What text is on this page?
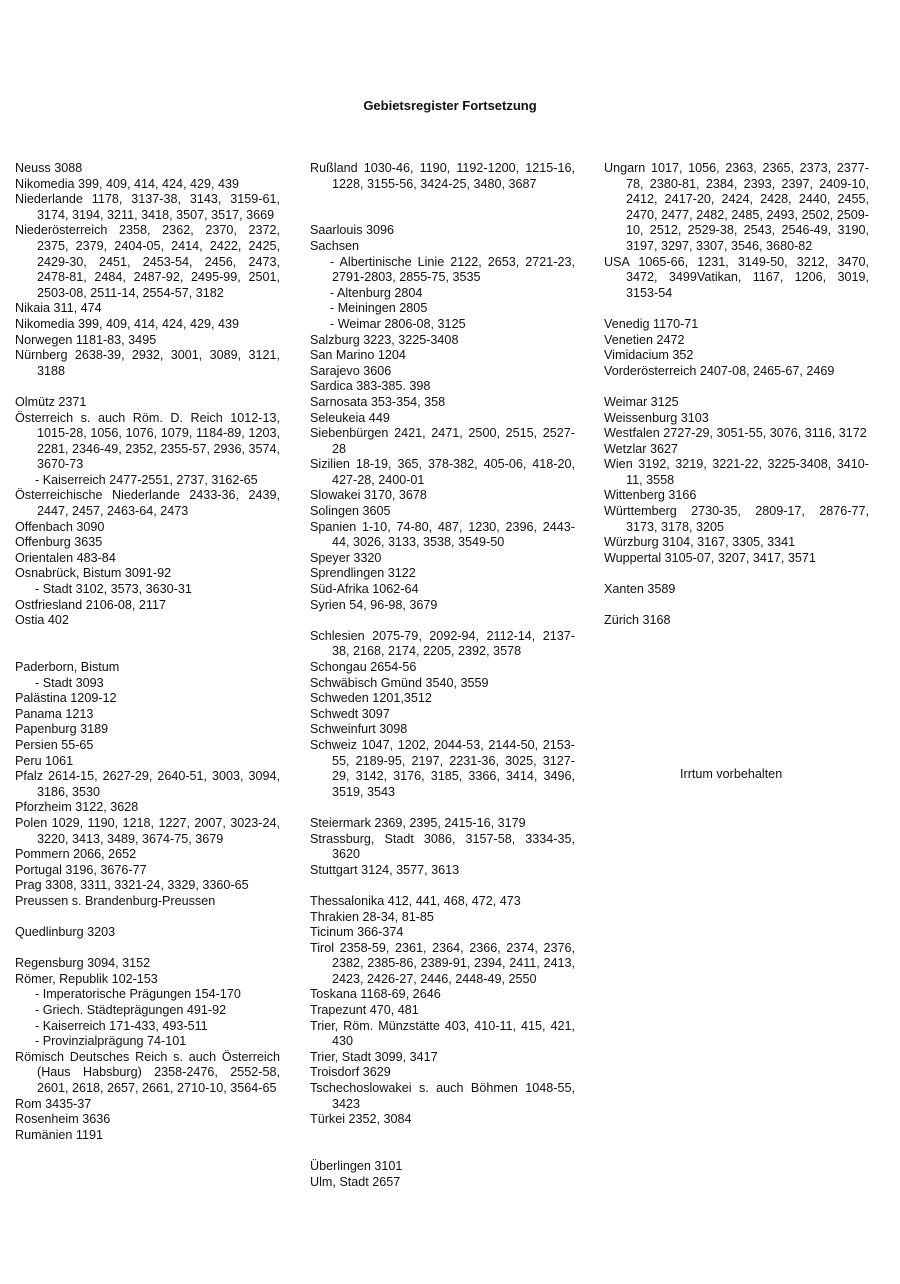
Gebietsregister Fortsetzung
Neuss 3088
Nikomedia 399, 409, 414, 424, 429, 439
Niederlande 1178, 3137-38, 3143, 3159-61, 3174, 3194, 3211, 3418, 3507, 3517, 3669
Niederösterreich 2358, 2362, 2370, 2372, 2375, 2379, 2404-05, 2414, 2422, 2425, 2429-30, 2451, 2453-54, 2456, 2473, 2478-81, 2484, 2487-92, 2495-99, 2501, 2503-08, 2511-14, 2554-57, 3182
Nikaia 311, 474
Nikomedia 399, 409, 414, 424, 429, 439
Norwegen 1181-83, 3495
Nürnberg 2638-39, 2932, 3001, 3089, 3121, 3188
Olmütz 2371
Österreich s. auch Röm. D. Reich 1012-13, 1015-28, 1056, 1076, 1079, 1184-89, 1203, 2281, 2346-49, 2352, 2355-57, 2936, 3574, 3670-73
- Kaiserreich 2477-2551, 2737, 3162-65
Österreichische Niederlande 2433-36, 2439, 2447, 2457, 2463-64, 2473
Offenbach 3090
Offenburg 3635
Orientalen 483-84
Osnabrück, Bistum 3091-92
- Stadt 3102, 3573, 3630-31
Ostfriesland 2106-08, 2117
Ostia 402
Paderborn, Bistum
- Stadt 3093
Palästina 1209-12
Panama 1213
Papenburg 3189
Persien 55-65
Peru 1061
Pfalz 2614-15, 2627-29, 2640-51, 3003, 3094, 3186, 3530
Pforzheim 3122, 3628
Polen 1029, 1190, 1218, 1227, 2007, 3023-24, 3220, 3413, 3489, 3674-75, 3679
Pommern 2066, 2652
Portugal 3196, 3676-77
Prag 3308, 3311, 3321-24, 3329, 3360-65
Preussen s. Brandenburg-Preussen
Quedlinburg 3203
Regensburg 3094, 3152
Römer, Republik 102-153
- Imperatorische Prägungen 154-170
- Griech. Städteprägungen 491-92
- Kaiserreich 171-433, 493-511
- Provinzialprägung 74-101
Römisch Deutsches Reich s. auch Österreich (Haus Habsburg) 2358-2476, 2552-58, 2601, 2618, 2657, 2661, 2710-10, 3564-65
Rom 3435-37
Rosenheim 3636
Rumänien 1191
Rußland 1030-46, 1190, 1192-1200, 1215-16, 1228, 3155-56, 3424-25, 3480, 3687
Saarlouis 3096
Sachsen
- Albertinische Linie 2122, 2653, 2721-23, 2791-2803, 2855-75, 3535
- Altenburg 2804
- Meiningen 2805
- Weimar 2806-08, 3125
Salzburg 3223, 3225-3408
San Marino 1204
Sarajevo 3606
Sardica 383-385. 398
Sarnosata 353-354, 358
Seleukeia 449
Siebenbürgen 2421, 2471, 2500, 2515, 2527-28
Sizilien 18-19, 365, 378-382, 405-06, 418-20, 427-28, 2400-01
Slowakei 3170, 3678
Solingen 3605
Spanien 1-10, 74-80, 487, 1230, 2396, 2443-44, 3026, 3133, 3538, 3549-50
Speyer 3320
Sprendlingen 3122
Süd-Afrika 1062-64
Syrien 54, 96-98, 3679
Schlesien 2075-79, 2092-94, 2112-14, 2137-38, 2168, 2174, 2205, 2392, 3578
Schongau 2654-56
Schwäbisch Gmünd 3540, 3559
Schweden 1201,3512
Schwedt 3097
Schweinfurt 3098
Schweiz 1047, 1202, 2044-53, 2144-50, 2153-55, 2189-95, 2197, 2231-36, 3025, 3127-29, 3142, 3176, 3185, 3366, 3414, 3496, 3519, 3543
Steiermark 2369, 2395, 2415-16, 3179
Strassburg, Stadt 3086, 3157-58, 3334-35, 3620
Stuttgart 3124, 3577, 3613
Thessalonika 412, 441, 468, 472, 473
Thrakien 28-34, 81-85
Ticinum 366-374
Tirol 2358-59, 2361, 2364, 2366, 2374, 2376, 2382, 2385-86, 2389-91, 2394, 2411, 2413, 2423, 2426-27, 2446, 2448-49, 2550
Toskana 1168-69, 2646
Trapezunt 470, 481
Trier, Röm. Münzstätte 403, 410-11, 415, 421, 430
Trier, Stadt 3099, 3417
Troisdorf 3629
Tschechoslowakei s. auch Böhmen 1048-55, 3423
Türkei 2352, 3084
Überlingen 3101
Ulm, Stadt 2657
Ungarn 1017, 1056, 2363, 2365, 2373, 2377-78, 2380-81, 2384, 2393, 2397, 2409-10, 2412, 2417-20, 2424, 2428, 2440, 2455, 2470, 2477, 2482, 2485, 2493, 2502, 2509-10, 2512, 2529-38, 2543, 2546-49, 3190, 3197, 3297, 3307, 3546, 3680-82
USA 1065-66, 1231, 3149-50, 3212, 3470, 3472, 3499Vatikan, 1167, 1206, 3019, 3153-54
Venedig 1170-71
Venetien 2472
Vimidacium 352
Vorderösterreich 2407-08, 2465-67, 2469
Weimar 3125
Weissenburg 3103
Westfalen 2727-29, 3051-55, 3076, 3116, 3172
Wetzlar 3627
Wien 3192, 3219, 3221-22, 3225-3408, 3410-11, 3558
Wittenberg 3166
Württemberg 2730-35, 2809-17, 2876-77, 3173, 3178, 3205
Würzburg 3104, 3167, 3305, 3341
Wuppertal 3105-07, 3207, 3417, 3571
Xanten 3589
Zürich 3168
Irrtum vorbehalten
